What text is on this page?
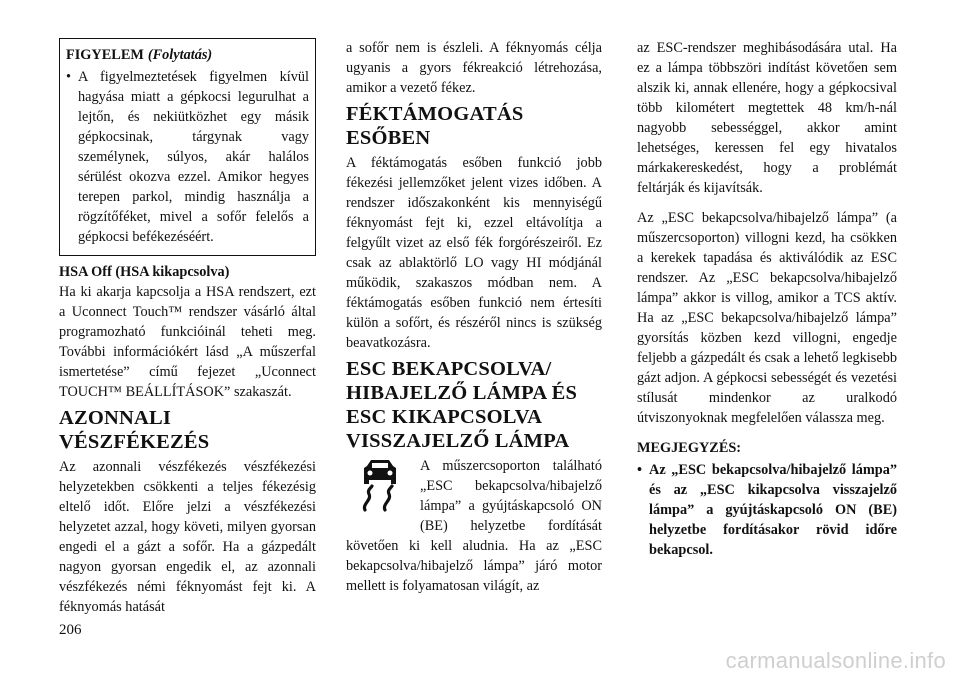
FIGYELEM (Folytatás)

• A figyelmeztetések figyelmen kívül hagyása miatt a gépkocsi legurulhat a lejtőn, és nekiütközhet egy másik gépkocsinak, tárgynak vagy személynek, súlyos, akár halálos sérülést okozva ezzel. Amikor hegyes terepen parkol, mindig használja a rögzítőféket, mivel a sofőr felelős a gépkocsi befékezéséért.

HSA Off (HSA kikapcsolva)

Ha ki akarja kapcsolja a HSA rendszert, ezt a Uconnect Touch™ rendszer vásárló által programozható funkcióinál teheti meg. További információkért lásd „A műszerfal ismertetése” című fejezet „Uconnect TOUCH™ BEÁLLÍTÁSOK” szakaszát.

AZONNALI VÉSZFÉKEZÉS

Az azonnali vészfékezés vészfékezési helyzetekben csökkenti a teljes fékezésig eltelő időt. Előre jelzi a vészfékezési helyzetet azzal, hogy követi, milyen gyorsan engedi el a gázt a sofőr. Ha a gázpedált nagyon gyorsan engedik el, az azonnali vészfékezés némi féknyomást fejt ki. A féknyomás hatását

a sofőr nem is észleli. A féknyomás célja ugyanis a gyors fékreakció létrehozása, amikor a vezető fékez.

FÉKTÁMOGATÁS ESŐBEN

A féktámogatás esőben funkció jobb fékezési jellemzőket jelent vizes időben. A rendszer időszakonként kis mennyiségű féknyomást fejt ki, ezzel eltávolítja a felgyűlt vizet az első fék forgórészeiről. Ez csak az ablaktörlő LO vagy HI módjánál működik, szakaszos módban nem. A féktámogatás esőben funkció nem értesíti külön a sofőrt, és részéről nincs is szükség beavatkozásra.

ESC BEKAPCSOLVA/ HIBAJELZŐ LÁMPA ÉS ESC KIKAPCSOLVA VISSZAJELZŐ LÁMPA

A műszercsoporton található „ESC bekapcsolva/hibajelző lámpa” a gyújtáskapcsoló ON (BE) helyzetbe fordítását követően ki kell aludnia. Ha az „ESC bekapcsolva/hibajelző lámpa” járó motor mellett is folyamatosan világít, az

az ESC-rendszer meghibásodására utal. Ha ez a lámpa többszöri indítást követően sem alszik ki, annak ellenére, hogy a gépkocsival több kilométert megtettek 48 km/h-nál nagyobb sebességgel, akkor amint lehetséges, keressen fel egy hivatalos márkakereskedést, hogy a problémát feltárják és kijavítsák.

Az „ESC bekapcsolva/hibajelző lámpa” (a műszercsoporton) villogni kezd, ha csökken a kerekek tapadása és aktiválódik az ESC rendszer. Az „ESC bekapcsolva/hibajelző lámpa” akkor is villog, amikor a TCS aktív. Ha az „ESC bekapcsolva/hibajelző lámpa” gyorsítás közben kezd villogni, engedje feljebb a gázpedált és csak a lehető legkisebb gázt adjon. A gépkocsi sebességét és vezetési stílusát mindenkor az uralkodó útviszonyoknak megfelelően válassza meg.

MEGJEGYZÉS:

• Az „ESC bekapcsolva/hibajelző lámpa” és az „ESC kikapcsolva visszajelző lámpa” a gyújtáskapcsoló ON (BE) helyzetbe fordításakor rövid időre bekapcsol.
206
carmanualsonline.info
